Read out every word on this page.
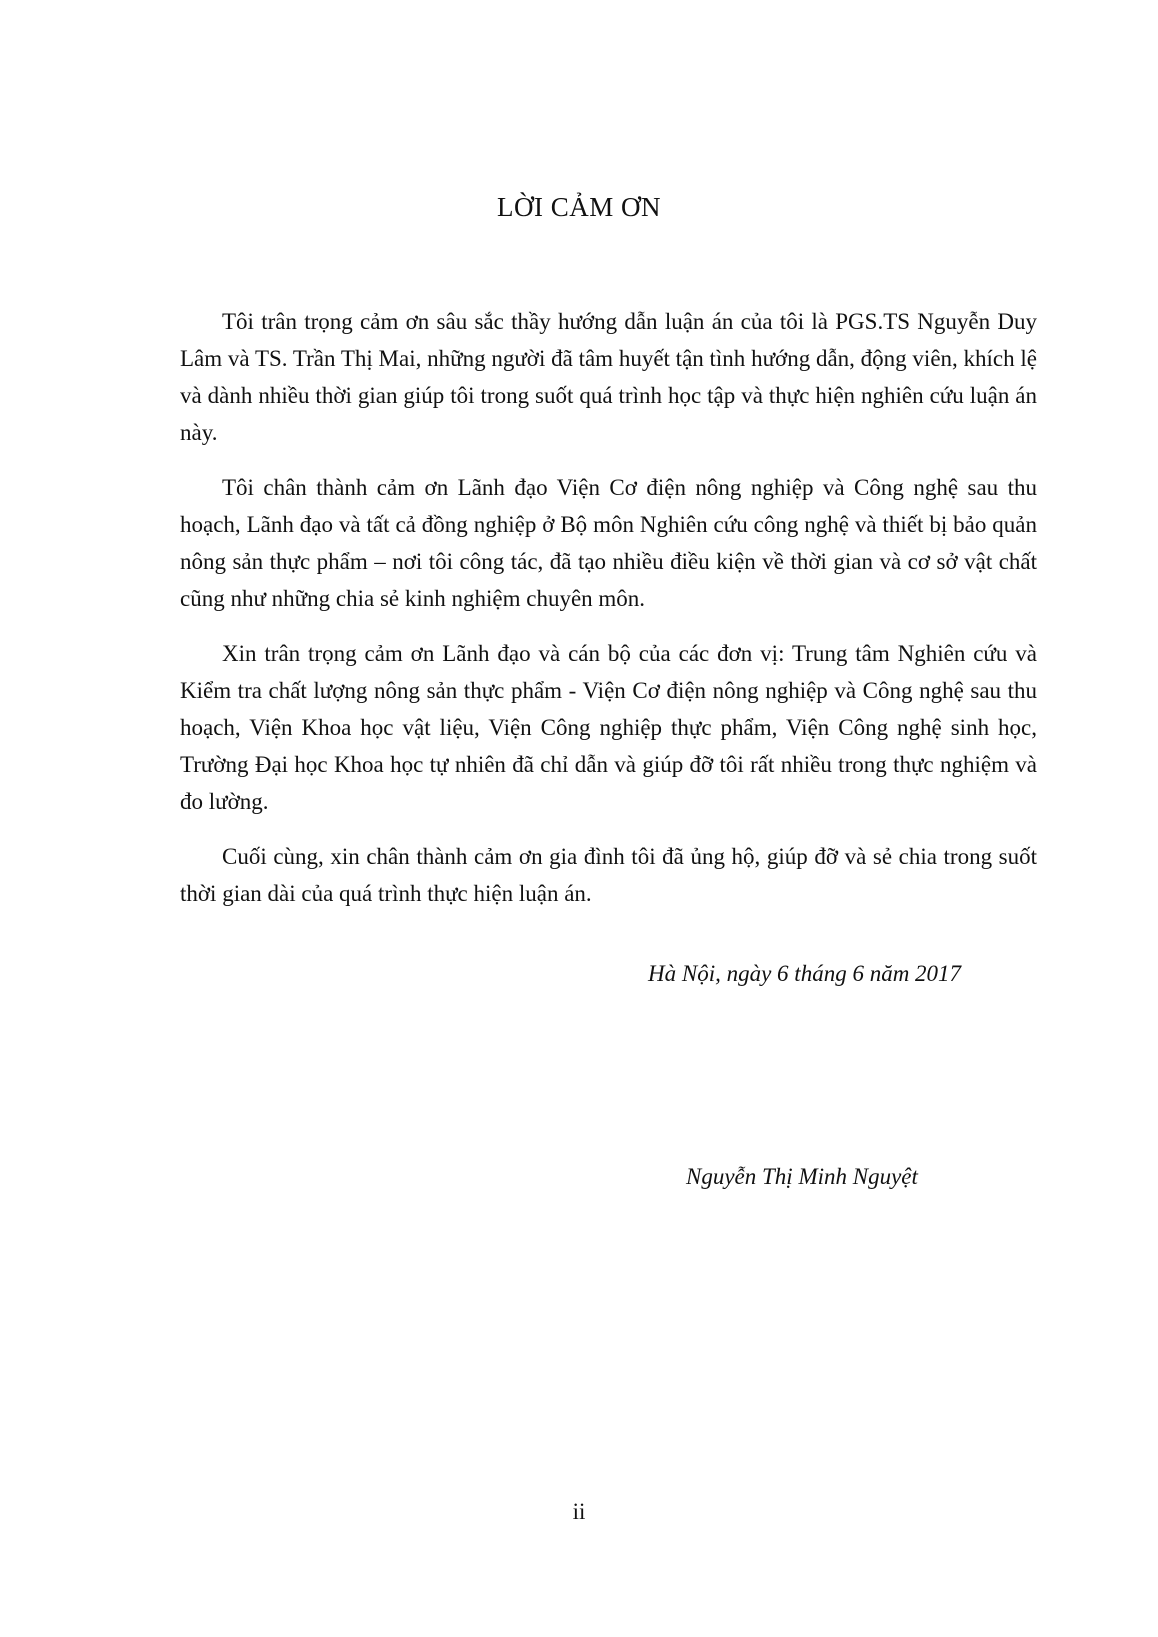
LỜI CẢM ƠN

Tôi trân trọng cảm ơn sâu sắc thầy hướng dẫn luận án của tôi là PGS.TS Nguyễn Duy Lâm và TS. Trần Thị Mai, những người đã tâm huyết tận tình hướng dẫn, động viên, khích lệ và dành nhiều thời gian giúp tôi trong suốt quá trình học tập và thực hiện nghiên cứu luận án này.

Tôi chân thành cảm ơn Lãnh đạo Viện Cơ điện nông nghiệp và Công nghệ sau thu hoạch, Lãnh đạo và tất cả đồng nghiệp ở Bộ môn Nghiên cứu công nghệ và thiết bị bảo quản nông sản thực phẩm – nơi tôi công tác, đã tạo nhiều điều kiện về thời gian và cơ sở vật chất cũng như những chia sẻ kinh nghiệm chuyên môn.

Xin trân trọng cảm ơn Lãnh đạo và cán bộ của các đơn vị: Trung tâm Nghiên cứu và Kiểm tra chất lượng nông sản thực phẩm - Viện Cơ điện nông nghiệp và Công nghệ sau thu hoạch, Viện Khoa học vật liệu, Viện Công nghiệp thực phẩm, Viện Công nghệ sinh học, Trường Đại học Khoa học tự nhiên đã chỉ dẫn và giúp đỡ tôi rất nhiều trong thực nghiệm và đo lường.

Cuối cùng, xin chân thành cảm ơn gia đình tôi đã ủng hộ, giúp đỡ và sẻ chia trong suốt thời gian dài của quá trình thực hiện luận án.

Hà Nội, ngày 6 tháng 6 năm 2017
Nguyễn Thị Minh Nguyệt
ii
